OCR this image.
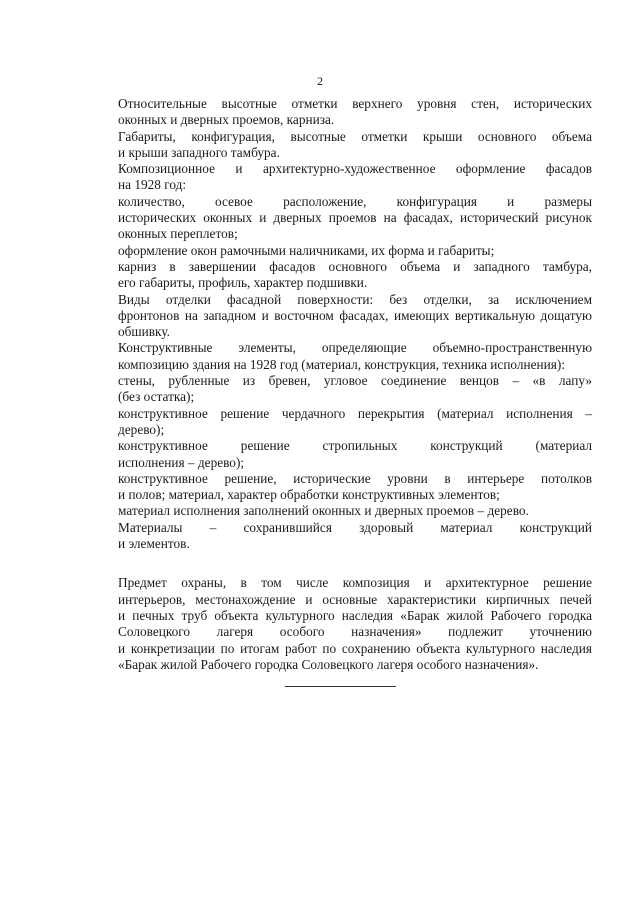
2

Относительные высотные отметки верхнего уровня стен, исторических
оконных и дверных проемов, карниза.

Габариты, конфигурация, высотные отметки крыши основного объема
и крыши западного тамбура.

Композиционное и архитектурно-художественное оформление фасадов
на 1928 год:

количество, осевое расположение, конфигурация и размеры
исторических оконных и дверных проемов на фасадах, исторический рисунок
оконных переплетов;

оформление окон рамочными наличниками, их форма и габариты;

карниз в завершении фасадов основного объема и западного тамбура,
его габариты, профиль, характер подшивки.

Виды отделки фасадной поверхности: без отделки, за исключением
фронтонов на западном и восточном фасадах, имеющих вертикальную дощатую
обшивку.

Конструктивные элементы, определяющие объемно-пространственную
композицию здания на 1928 год (материал, конструкция, техника исполнения):

стены, рубленные из бревен, угловое соединение венцов – «в лапу»
(без остатка);

конструктивное решение чердачного перекрытия (материал исполнения –
дерево);

конструктивное решение стропильных конструкций (материал
исполнения – дерево);

конструктивное решение, исторические уровни в интерьере потолков
и полов; материал, характер обработки конструктивных элементов;

материал исполнения заполнений оконных и дверных проемов – дерево.

Материалы – сохранившийся здоровый материал конструкций
и элементов.

Предмет охраны, в том числе композиция и архитектурное решение
интерьеров, местонахождение и основные характеристики кирпичных печей
и печных труб объекта культурного наследия «Барак жилой Рабочего городка
Соловецкого лагеря особого назначения» подлежит уточнению
и конкретизации по итогам работ по сохранению объекта культурного наследия
«Барак жилой Рабочего городка Соловецкого лагеря особого назначения».
